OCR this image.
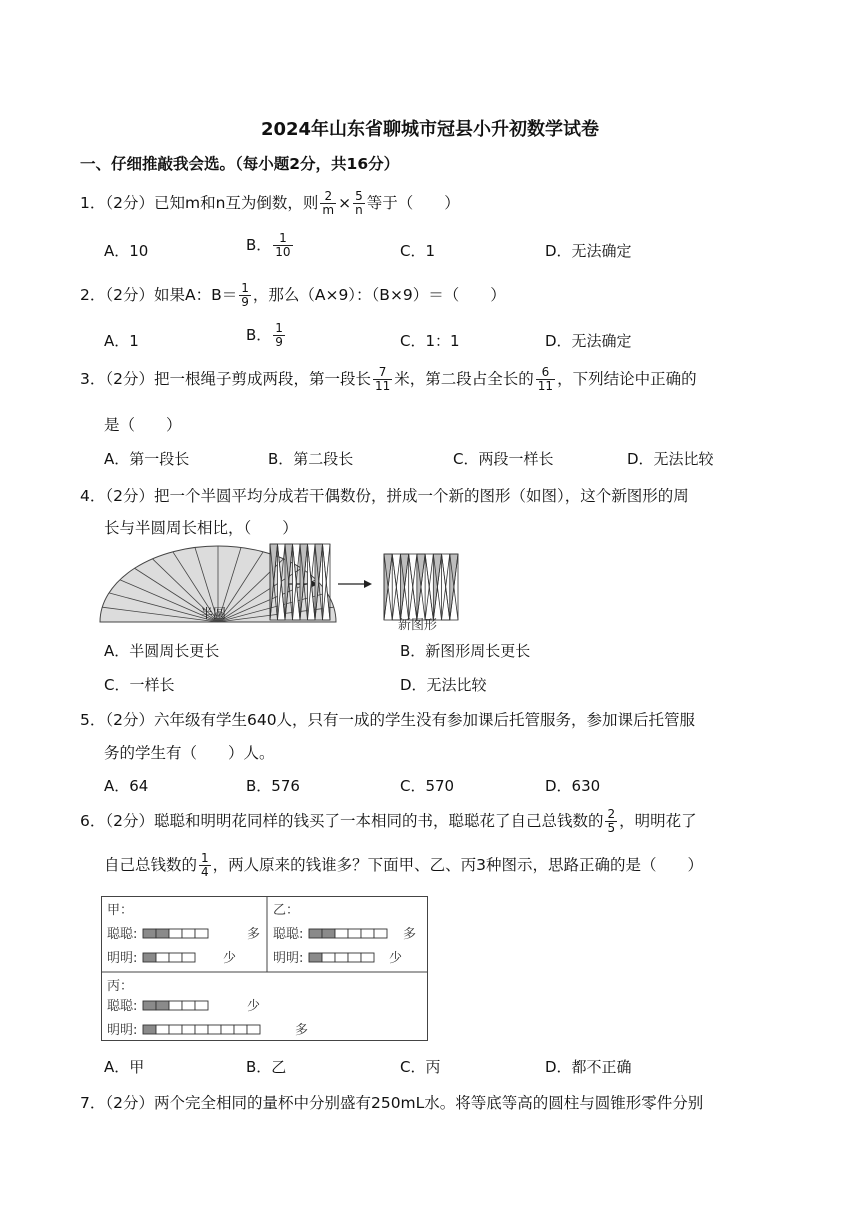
2024年山东省聊城市冠县小升初数学试卷
一、仔细推敲我会选。（每小题2分，共16分）
1．（2分）已知m和n互为倒数，则 $\frac{2}{m} \times \frac{5}{n}$ 等于（　　）
A．10	B． $\frac{1}{10}$	C．1	D．无法确定
2．（2分）如果A：$B= \frac{1}{9}$ ，那么（A×9）：（B×9）＝（　　）
A．1	B． $\frac{1}{9}$	C．1：1	D．无法确定
3．（2分）把一根绳子剪成两段，第一段长 $\frac{7}{11}$ 米，第二段占全长的 $\frac{6}{11}$ ，下列结论中正确的
是（　　）
A．第一段长	B．第二段长	C．两段一样长	D．无法比较
4．（2分）把一个半圆平均分成若干偶数份，拼成一个新的图形（如图），这个新图形的周
长与半圆周长相比，（　　）
半圆
新图形
A．半圆周长更长	B．新图形周长更长
C．一样长	D．无法比较
5．（2分）六年级有学生640人，只有一成的学生没有参加课后托管服务，参加课后托管服
务的学生有（　　）人。
A．64	B．576	C．570	D．630
6．（2分）聪聪和明明花同样的钱买了一本相同的书，聪聪花了自己总钱数的 $\frac{2}{5}$ ，明明花了
自己总钱数的 $\frac{1}{4}$ ，两人原来的钱谁多？下面甲、乙、丙3种图示，思路正确的是（　　）
甲：
聪聪:
明明:
乙：
聪聪:
明明:
丙：
聪聪:
明明:
多
少
多
少
少
多
A．甲	B．乙	C．丙	D．都不正确
7．（2分）两个完全相同的量杯中分别盛有250mL水。将等底等高的圆柱与圆锥形零件分别
